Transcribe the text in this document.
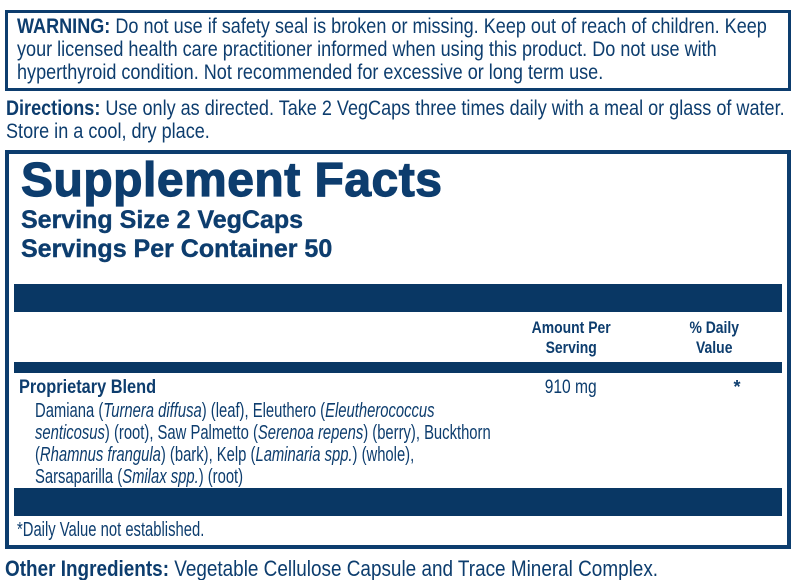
WARNING: Do not use if safety seal is broken or missing. Keep out of reach of children. Keep your licensed health care practitioner informed when using this product. Do not use with hyperthyroid condition. Not recommended for excessive or long term use.
Directions: Use only as directed. Take 2 VegCaps three times daily with a meal or glass of water. Store in a cool, dry place.
Supplement Facts
Serving Size 2 VegCaps
Servings Per Container 50
Amount Per
Serving
% Daily
Value
Proprietary Blend	910 mg	*
Damiana (Turnera diffusa) (leaf), Eleuthero (Eleutherococcus
senticosus) (root), Saw Palmetto (Serenoa repens) (berry), Buckthorn
(Rhamnus frangula) (bark), Kelp (Laminaria spp.) (whole),
Sarsaparilla (Smilax spp.) (root)
*Daily Value not established.
Other Ingredients: Vegetable Cellulose Capsule and Trace Mineral Complex.
